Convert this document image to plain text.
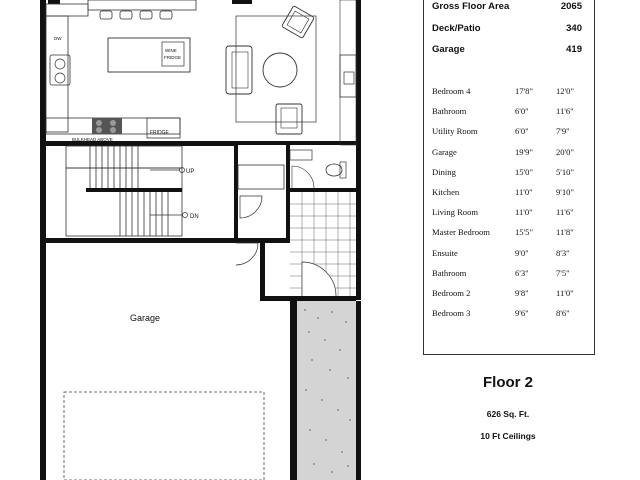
DW
FRIDGE
BULKHEAD ABOVE
WINE
FRIDGE
UP
DN
Garage
Gross Floor Area	2065
Deck/Patio	340
Garage	419
Bedroom 4	17'8"	12'0"
Bathroom	6'0"	11'6"
Utility Room	6'0"	7'9"
Garage	19'9"	20'0"
Dining	15'0"	5'10"
Kitchen	11'0"	9'10"
Living Room	11'0"	11'6"
Master Bedroom	15'5"	11'8"
Ensuite	9'0"	8'3"
Bathroom	6'3"	7'5"
Bedroom 2	9'8"	11'0"
Bedroom 3	9'6"	8'6"
Floor 2
626 Sq. Ft.
10 Ft Ceilings
